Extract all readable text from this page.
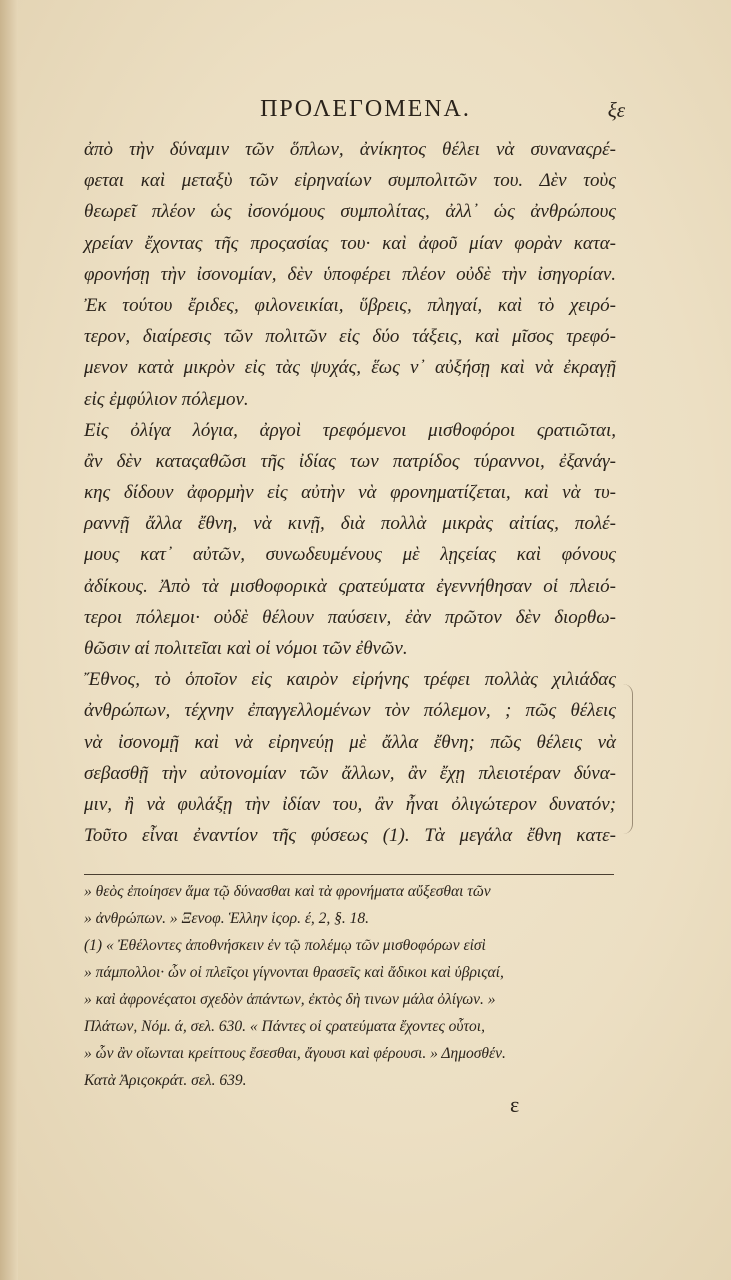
ΠΡΟΛΕΓΟΜΕΝΑ.	ξε
ἀπὸ τὴν δύναμιν τῶν ὅπλων, ἀνίκητος θέλει νὰ συναναςρέ-
φεται καὶ μεταξὺ τῶν εἰρηναίων συμπολιτῶν του. Δὲν τοὺς
θεωρεῖ πλέον ὡς ἰσονόμους συμπολίτας, ἀλλ᾽ ὡς ἀνθρώπους
χρείαν ἔχοντας τῆς προςασίας του· καὶ ἀφοῦ μίαν φορὰν κατα-
φρονήσῃ τὴν ἰσονομίαν, δὲν ὑποφέρει πλέον οὐδὲ τὴν ἰσηγορίαν.
Ἐκ τούτου ἔριδες, φιλονεικίαι, ὕβρεις, πληγαί, καὶ τὸ χειρό-
τερον, διαίρεσις τῶν πολιτῶν εἰς δύο τάξεις, καὶ μῖσος τρεφό-
μενον κατὰ μικρὸν εἰς τὰς ψυχάς, ἕως ν᾽ αὐξήσῃ καὶ νὰ ἐκραγῇ
εἰς ἐμφύλιον πόλεμον.
Εἰς ὀλίγα λόγια, ἀργοὶ τρεφόμενοι μισθοφόροι ςρατιῶται,
ἂν δὲν καταςαθῶσι τῆς ἰδίας των πατρίδος τύραννοι, ἐξανάγ-
κης δίδουν ἀφορμὴν εἰς αὐτὴν νὰ φρονηματίζεται, καὶ νὰ τυ-
ραννῇ ἄλλα ἔθνη, νὰ κινῇ, διὰ πολλὰ μικρὰς αἰτίας, πολέ-
μους κατ᾽ αὐτῶν, συνωδευμένους μὲ λῃςείας καὶ φόνους
ἀδίκους. Ἀπὸ τὰ μισθοφορικὰ ςρατεύματα ἐγεννήθησαν οἱ πλειό-
τεροι πόλεμοι· οὐδὲ θέλουν παύσειν, ἐὰν πρῶτον δὲν διορθω-
θῶσιν αἱ πολιτεῖαι καὶ οἱ νόμοι τῶν ἐθνῶν.
Ἔθνος, τὸ ὁποῖον εἰς καιρὸν εἰρήνης τρέφει πολλὰς χιλιάδας
ἀνθρώπων, τέχνην ἐπαγγελλομένων τὸν πόλεμον, ; πῶς θέλεις
νὰ ἰσονομῇ καὶ νὰ εἰρηνεύῃ μὲ ἄλλα ἔθνη; πῶς θέλεις νὰ
σεβασθῇ τὴν αὐτονομίαν τῶν ἄλλων, ἂν ἔχῃ πλειοτέραν δύνα-
μιν, ἢ νὰ φυλάξῃ τὴν ἰδίαν του, ἂν ἦναι ὀλιγώτερον δυνατόν;
Τοῦτο εἶναι ἐναντίον τῆς φύσεως (1). Τὰ μεγάλα ἔθνη κατε-
» θεὸς ἐποίησεν ἅμα τῷ δύνασθαι καὶ τὰ φρονήματα αὔξεσθαι τῶν
» ἀνθρώπων. » Ξενοφ. Ἑλλην ἱςορ. έ, 2, §. 18.
(1) « Ἐθέλοντες ἀποθνήσκειν ἐν τῷ πολέμῳ τῶν μισθοφόρων εἰσὶ
» πάμπολλοι· ὧν οἱ πλεῖςοι γίγνονται θρασεῖς καὶ ἄδικοι καὶ ὑβριςαί,
» καὶ ἀφρονέςατοι σχεδὸν ἁπάντων, ἐκτὸς δὴ τινων μάλα ὀλίγων. »
Πλάτων, Νόμ. ά, σελ. 630. « Πάντες οἱ ςρατεύματα ἔχοντες οὗτοι,
» ὧν ἂν οἴωνται κρείττους ἔσεσθαι, ἄγουσι καὶ φέρουσι. » Δημοσθέν.
Κατὰ Ἀριςοκράτ. σελ. 639.
ε
